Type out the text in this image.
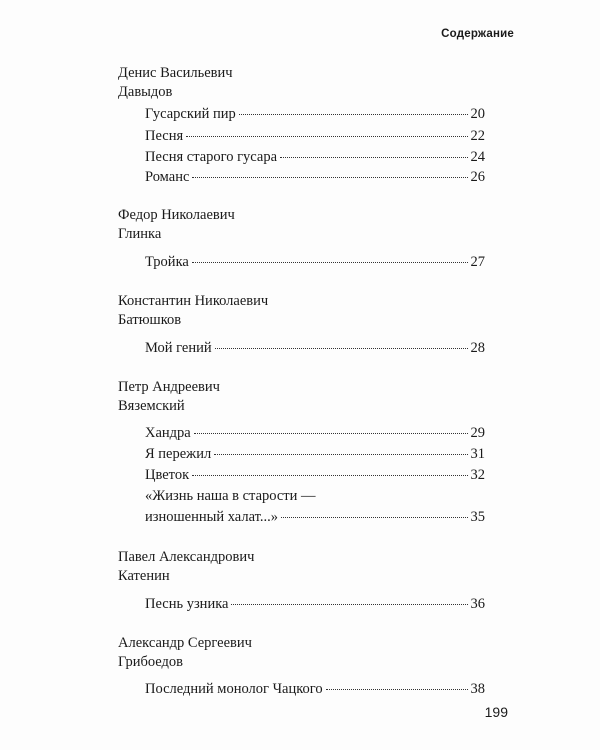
Содержание
Денис Васильевич
Давыдов
Гусарский пир	20
Песня	22
Песня старого гусара	24
Романс	26
Федор Николаевич
Глинка
Тройка	27
Константин Николаевич
Батюшков
Мой гений	28
Петр Андреевич
Вяземский
Хандра	29
Я пережил	31
Цветок	32
«Жизнь наша в старости —
изношенный халат...»	35
Павел Александрович
Катенин
Песнь узника	36
Александр Сергеевич
Грибоедов
Последний монолог Чацкого	38
199
